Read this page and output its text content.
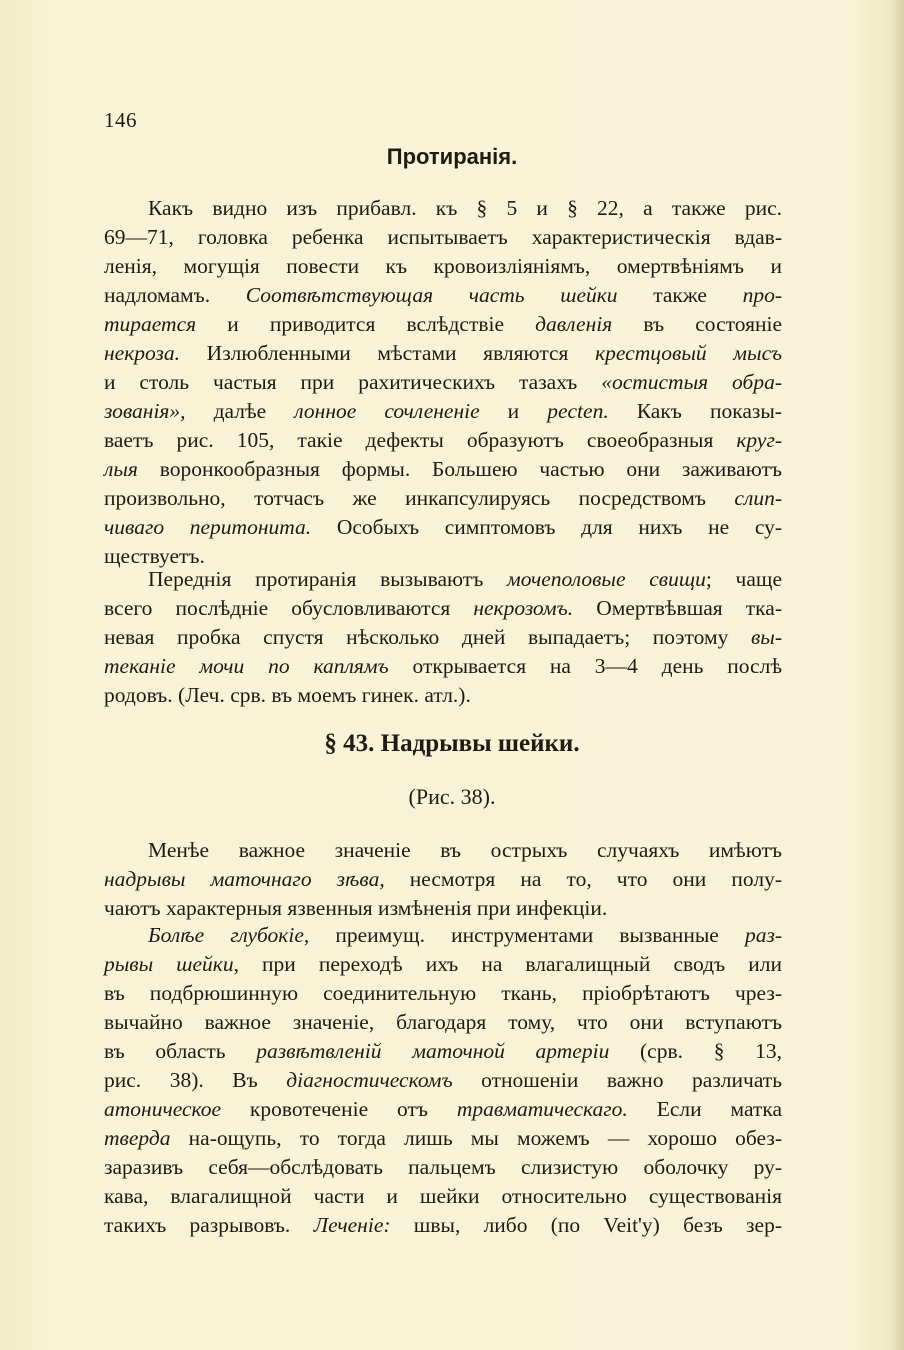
146
Протиранія.
Какъ видно изъ прибавл. къ § 5 и § 22, а также рис.
69—71, головка ребенка испытываетъ характеристическія вдав-
ленія, могущія повести къ кровоизліяніямъ, омертвѣніямъ и
надломамъ. Соотвѣтствующая часть шейки также про-
тирается и приводится вслѣдствіе давленія въ состояніе
некроза. Излюбленными мѣстами являются крестцовый мысъ
и столь частыя при рахитическихъ тазахъ «остистыя обра-
зованія», далѣе лонное сочлененіе и pecten. Какъ показы-
ваетъ рис. 105, такіе дефекты образуютъ своеобразныя круг-
лыя воронкообразныя формы. Большею частью они заживаютъ
произвольно, тотчасъ же инкапсулируясь посредствомъ слип-
чиваго перитонита. Особыхъ симптомовъ для нихъ не су-
ществуетъ.
Переднія протиранія вызываютъ мочеполовые свищи; чаще
всего послѣдніе обусловливаются некрозомъ. Омертвѣвшая тка-
невая пробка спустя нѣсколько дней выпадаетъ; поэтому вы-
теканіе мочи по каплямъ открывается на 3—4 день послѣ
родовъ. (Леч. срв. въ моемъ гинек. атл.).
§ 43. Надрывы шейки.
(Рис. 38).
Менѣе важное значеніе въ острыхъ случаяхъ имѣютъ
надрывы маточнаго зѣва, несмотря на то, что они полу-
чаютъ характерныя язвенныя измѣненія при инфекціи.
Болѣе глубокіе, преимущ. инструментами вызванные раз-
рывы шейки, при переходѣ ихъ на влагалищный сводъ или
въ подбрюшинную соединительную ткань, пріобрѣтаютъ чрез-
вычайно важное значеніе, благодаря тому, что они вступаютъ
въ область развѣтвленій маточной артеріи (срв. § 13,
рис. 38). Въ діагностическомъ отношеніи важно различать
атоническое кровотеченіе отъ травматическаго. Если матка
тверда на-ощупь, то тогда лишь мы можемъ — хорошо обез-
заразивъ себя—обслѣдовать пальцемъ слизистую оболочку ру-
кава, влагалищной части и шейки относительно существованія
такихъ разрывовъ. Леченіе: швы, либо (по Veit'у) безъ зер-
